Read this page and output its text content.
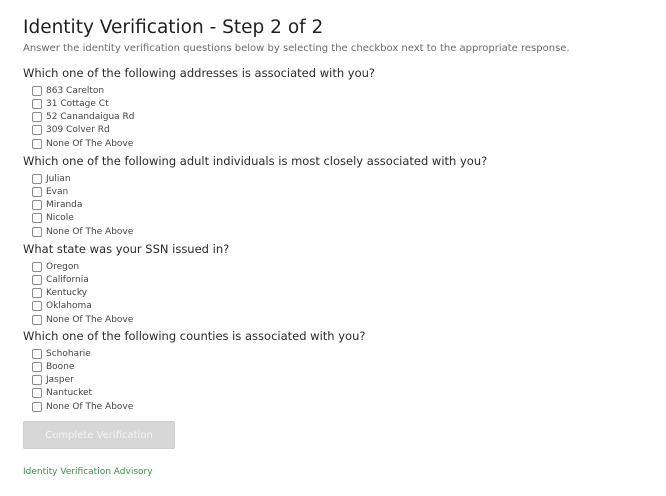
Identity Verification - Step 2 of 2
Answer the identity verification questions below by selecting the checkbox next to the appropriate response.
Which one of the following addresses is associated with you?
863 Carelton
31 Cottage Ct
52 Canandaigua Rd
309 Colver Rd
None Of The Above
Which one of the following adult individuals is most closely associated with you?
Julian
Evan
Miranda
Nicole
None Of The Above
What state was your SSN issued in?
Oregon
California
Kentucky
Oklahoma
None Of The Above
Which one of the following counties is associated with you?
Schoharie
Boone
Jasper
Nantucket
None Of The Above
Complete Verification
Identity Verification Advisory
